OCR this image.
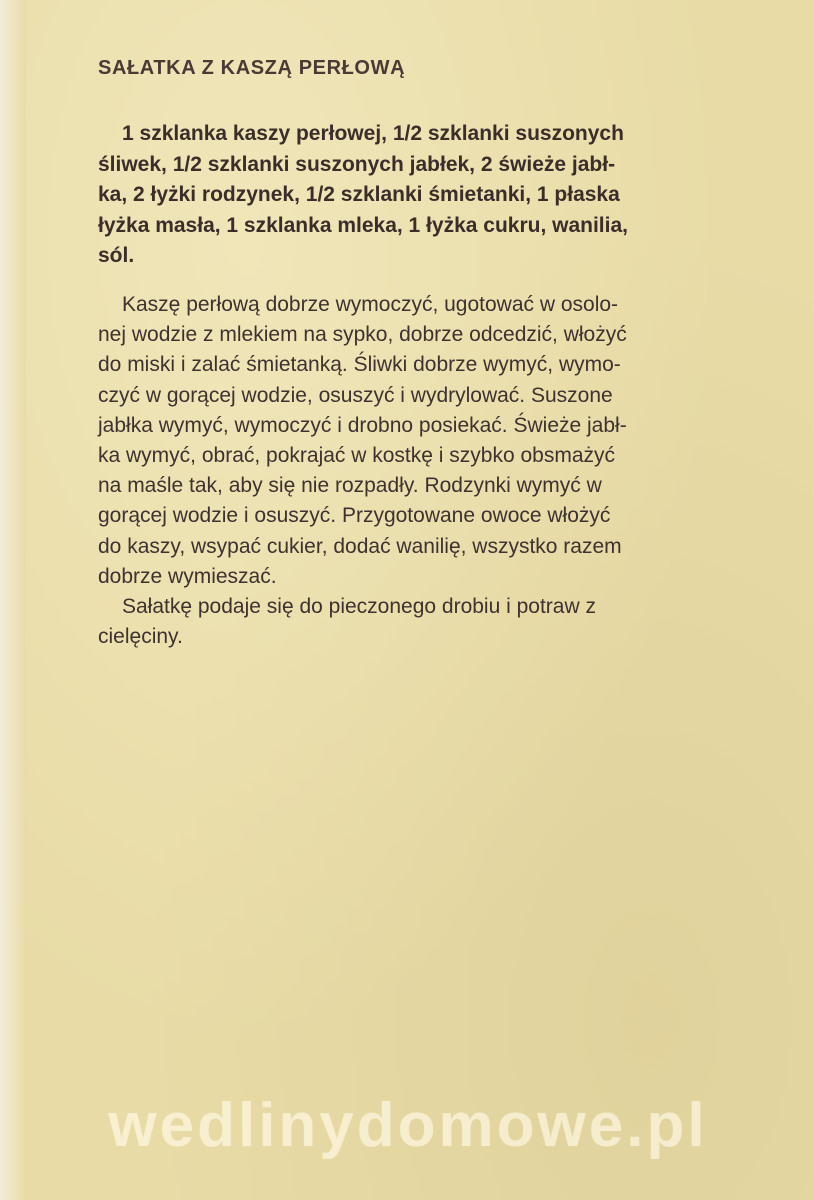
SAŁATKA Z KASZĄ PERŁOWĄ
1 szklanka kaszy perłowej, 1/2 szklanki suszonych
śliwek, 1/2 szklanki suszonych jabłek, 2 świeże jabł-
ka, 2 łyżki rodzynek, 1/2 szklanki śmietanki, 1 płaska
łyżka masła, 1 szklanka mleka, 1 łyżka cukru, wanilia,
sól.
Kaszę perłową dobrze wymoczyć, ugotować w osolo-
nej wodzie z mlekiem na sypko, dobrze odcedzić, włożyć
do miski i zalać śmietanką. Śliwki dobrze wymyć, wymo-
czyć w gorącej wodzie, osuszyć i wydrylować. Suszone
jabłka wymyć, wymoczyć i drobno posiekać. Świeże jabł-
ka wymyć, obrać, pokrajać w kostkę i szybko obsmażyć
na maśle tak, aby się nie rozpadły. Rodzynki wymyć w
gorącej wodzie i osuszyć. Przygotowane owoce włożyć
do kaszy, wsypać cukier, dodać wanilię, wszystko razem
dobrze wymieszać.
Sałatkę podaje się do pieczonego drobiu i potraw z
cielęciny.
wedlinydomowe.pl
